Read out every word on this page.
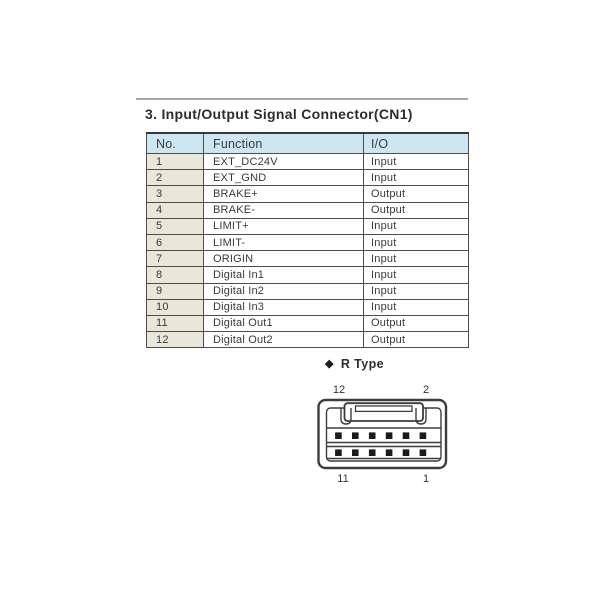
3. Input/Output Signal Connector(CN1)
No.	Function	I/O
1	EXT_DC24V	Input
2	EXT_GND	Input
3	BRAKE+	Output
4	BRAKE-	Output
5	LIMIT+	Input
6	LIMIT-	Input
7	ORIGIN	Input
8	Digital In1	Input
9	Digital In2	Input
10	Digital In3	Input
11	Digital Out1	Output
12	Digital Out2	Output
◆ R Type
12	2
11	1
